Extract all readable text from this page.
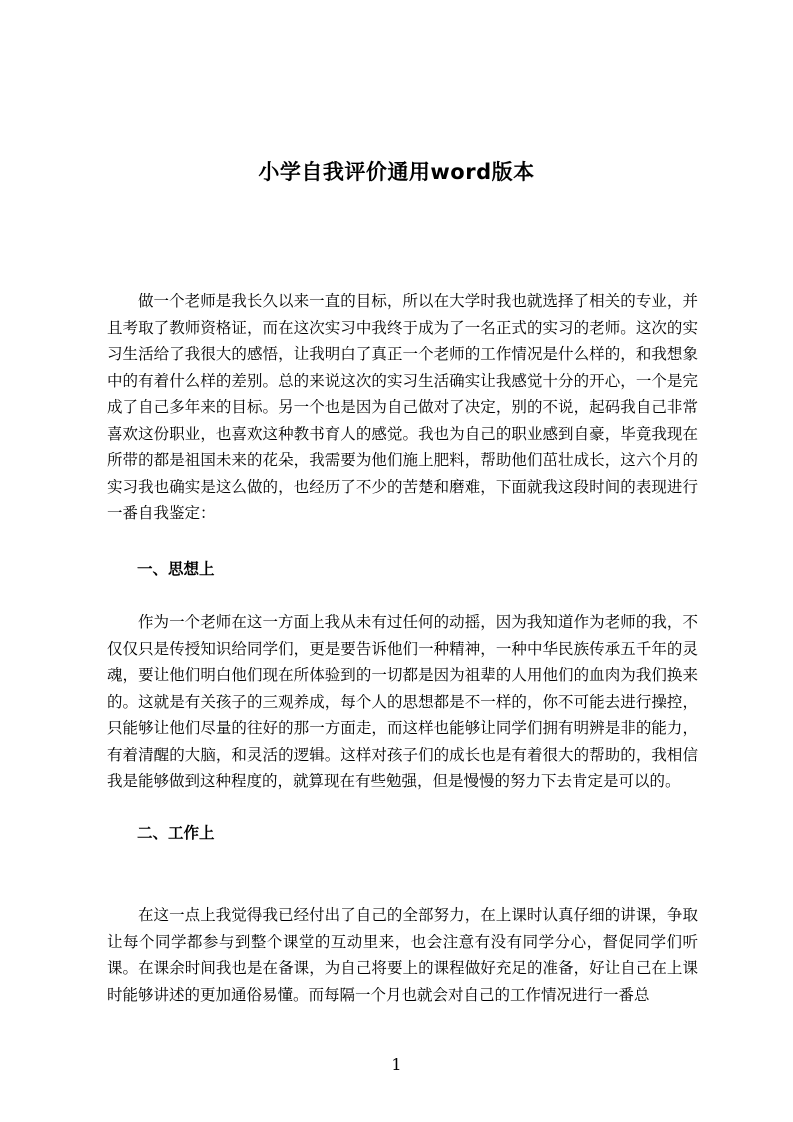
小学自我评价通用word版本

做一个老师是我长久以来一直的目标，所以在大学时我也就选择了相关的专业，并且考取了教师资格证，而在这次实习中我终于成为了一名正式的实习的老师。这次的实习生活给了我很大的感悟，让我明白了真正一个老师的工作情况是什么样的，和我想象中的有着什么样的差别。总的来说这次的实习生活确实让我感觉十分的开心，一个是完成了自己多年来的目标。另一个也是因为自己做对了决定，别的不说，起码我自己非常喜欢这份职业，也喜欢这种教书育人的感觉。我也为自己的职业感到自豪，毕竟我现在所带的都是祖国未来的花朵，我需要为他们施上肥料，帮助他们茁壮成长，这六个月的实习我也确实是这么做的，也经历了不少的苦楚和磨难，下面就我这段时间的表现进行一番自我鉴定：

一、思想上

作为一个老师在这一方面上我从未有过任何的动摇，因为我知道作为老师的我，不仅仅只是传授知识给同学们，更是要告诉他们一种精神，一种中华民族传承五千年的灵魂，要让他们明白他们现在所体验到的一切都是因为祖辈的人用他们的血肉为我们换来的。这就是有关孩子的三观养成，每个人的思想都是不一样的，你不可能去进行操控，只能够让他们尽量的往好的那一方面走，而这样也能够让同学们拥有明辨是非的能力，有着清醒的大脑，和灵活的逻辑。这样对孩子们的成长也是有着很大的帮助的，我相信我是能够做到这种程度的，就算现在有些勉强，但是慢慢的努力下去肯定是可以的。

二、工作上

在这一点上我觉得我已经付出了自己的全部努力，在上课时认真仔细的讲课，争取让每个同学都参与到整个课堂的互动里来，也会注意有没有同学分心，督促同学们听课。在课余时间我也是在备课，为自己将要上的课程做好充足的准备，好让自己在上课时能够讲述的更加通俗易懂。而每隔一个月也就会对自己的工作情况进行一番总

1
